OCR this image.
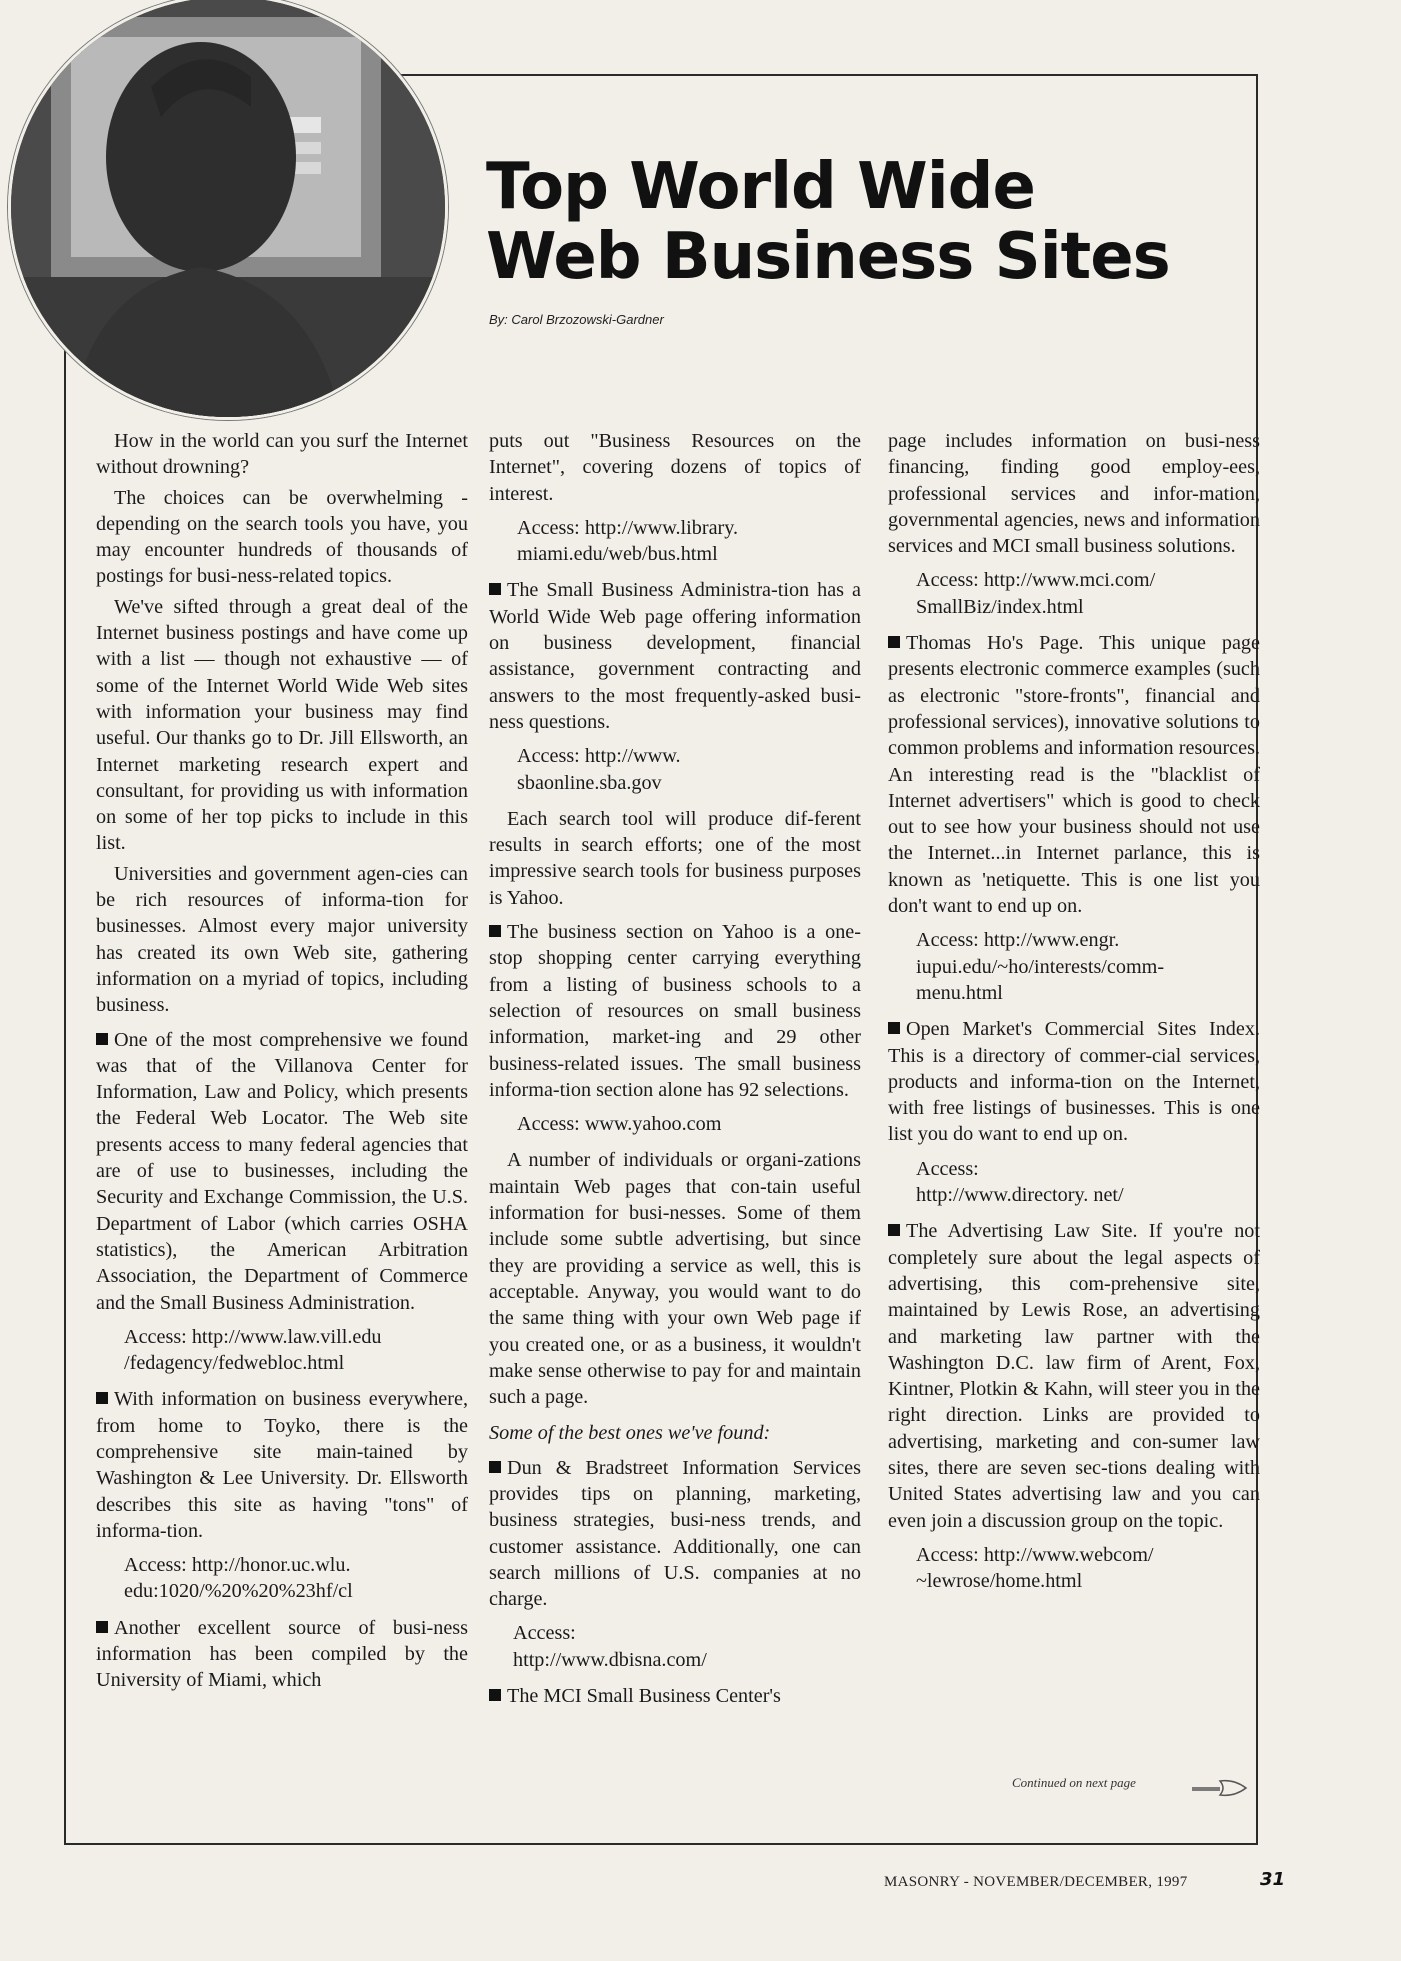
Top World Wide
Web Business Sites
By: Carol Brzozowski-Gardner

How in the world can you surf the Internet without drowning?

The choices can be overwhelming - depending on the search tools you have, you may encounter hundreds of thousands of postings for busi-ness-related topics.

We've sifted through a great deal of the Internet business postings and have come up with a list — though not exhaustive — of some of the Internet World Wide Web sites with information your business may find useful. Our thanks go to Dr. Jill Ellsworth, an Internet marketing research expert and consultant, for providing us with information on some of her top picks to include in this list.

Universities and government agen-cies can be rich resources of informa-tion for businesses. Almost every major university has created its own Web site, gathering information on a myriad of topics, including business.

One of the most comprehensive we found was that of the Villanova Center for Information, Law and Policy, which presents the Federal Web Locator. The Web site presents access to many federal agencies that are of use to businesses, including the Security and Exchange Commission, the U.S. Department of Labor (which carries OSHA statistics), the American Arbitration Association, the Department of Commerce and the Small Business Administration.

Access: http://www.law.vill.edu
/fedagency/fedwebloc.html

With information on business everywhere, from home to Toyko, there is the comprehensive site main-tained by Washington & Lee University. Dr. Ellsworth describes this site as having "tons" of informa-tion.

Access: http://honor.uc.wlu.
edu:1020/%20%20%23hf/cl

Another excellent source of busi-ness information has been compiled by the University of Miami, which

puts out "Business Resources on the Internet", covering dozens of topics of interest.

Access: http://www.library.
miami.edu/web/bus.html

The Small Business Administra-tion has a World Wide Web page offering information on business development, financial assistance, government contracting and answers to the most frequently-asked busi-ness questions.

Access: http://www.
sbaonline.sba.gov

Each search tool will produce dif-ferent results in search efforts; one of the most impressive search tools for business purposes is Yahoo.

The business section on Yahoo is a one-stop shopping center carrying everything from a listing of business schools to a selection of resources on small business information, market-ing and 29 other business-related issues. The small business informa-tion section alone has 92 selections.

Access: www.yahoo.com

A number of individuals or organi-zations maintain Web pages that con-tain useful information for busi-nesses. Some of them include some subtle advertising, but since they are providing a service as well, this is acceptable. Anyway, you would want to do the same thing with your own Web page if you created one, or as a business, it wouldn't make sense otherwise to pay for and maintain such a page.

Some of the best ones we've found:

Dun & Bradstreet Information Services provides tips on planning, marketing, business strategies, busi-ness trends, and customer assistance. Additionally, one can search millions of U.S. companies at no charge.

Access:
http://www.dbisna.com/

The MCI Small Business Center's

page includes information on busi-ness financing, finding good employ-ees, professional services and infor-mation, governmental agencies, news and information services and MCI small business solutions.

Access: http://www.mci.com/
SmallBiz/index.html

Thomas Ho's Page. This unique page presents electronic commerce examples (such as electronic "store-fronts", financial and professional services), innovative solutions to common problems and information resources. An interesting read is the "blacklist of Internet advertisers" which is good to check out to see how your business should not use the Internet...in Internet parlance, this is known as 'netiquette. This is one list you don't want to end up on.

Access: http://www.engr.
iupui.edu/~ho/interests/comm-
menu.html

Open Market's Commercial Sites Index. This is a directory of commer-cial services, products and informa-tion on the Internet, with free listings of businesses. This is one list you do want to end up on.

Access:
http://www.directory. net/

The Advertising Law Site. If you're not completely sure about the legal aspects of advertising, this com-prehensive site, maintained by Lewis Rose, an advertising and marketing law partner with the Washington D.C. law firm of Arent, Fox, Kintner, Plotkin & Kahn, will steer you in the right direction. Links are provided to advertising, marketing and con-sumer law sites, there are seven sec-tions dealing with United States advertising law and you can even join a discussion group on the topic.

Access: http://www.webcom/
~lewrose/home.html
Continued on next page
MASONRY - NOVEMBER/DECEMBER, 1997	31
